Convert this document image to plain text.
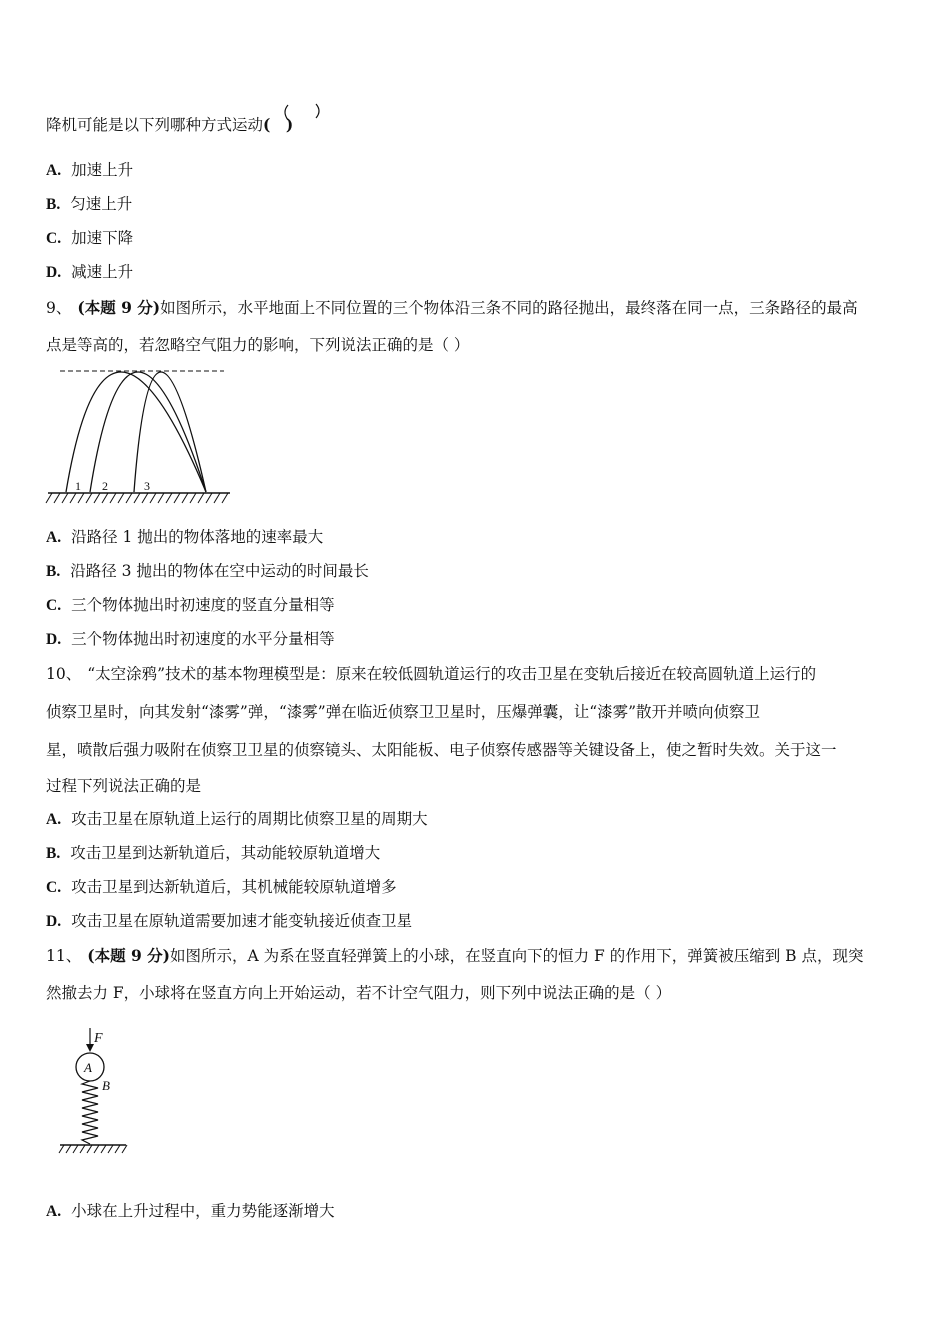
降机可能是以下列哪种方式运动(　)
A. 加速上升
B. 匀速上升
C. 加速下降
D. 减速上升
9、 (本题 9 分)如图所示，水平地面上不同位置的三个物体沿三条不同的路径抛出，最终落在同一点，三条路径的最高
点是等高的，若忽略空气阻力的影响，下列说法正确的是（ ）
1 2	3
A. 沿路径 1 抛出的物体落地的速率最大
B. 沿路径 3 抛出的物体在空中运动的时间最长
C. 三个物体抛出时初速度的竖直分量相等
D. 三个物体抛出时初速度的水平分量相等
10、 “太空涂鸦”技术的基本物理模型是：原来在较低圆轨道运行的攻击卫星在变轨后接近在较高圆轨道上运行的
侦察卫星时，向其发射“漆雾”弹，“漆雾”弹在临近侦察卫卫星时，压爆弹囊，让“漆雾”散开并喷向侦察卫
星，喷散后强力吸附在侦察卫卫星的侦察镜头、太阳能板、电子侦察传感器等关键设备上，使之暂时失效。关于这一
过程下列说法正确的是
A. 攻击卫星在原轨道上运行的周期比侦察卫星的周期大
B. 攻击卫星到达新轨道后，其动能较原轨道增大
C. 攻击卫星到达新轨道后，其机械能较原轨道增多
D. 攻击卫星在原轨道需要加速才能变轨接近侦查卫星
11、 (本题 9 分)如图所示，A 为系在竖直轻弹簧上的小球，在竖直向下的恒力 F 的作用下，弹簧被压缩到 B 点，现突
然撤去力 F，小球将在竖直方向上开始运动，若不计空气阻力，则下列中说法正确的是（ ）
F
A
B
A. 小球在上升过程中，重力势能逐渐增大
